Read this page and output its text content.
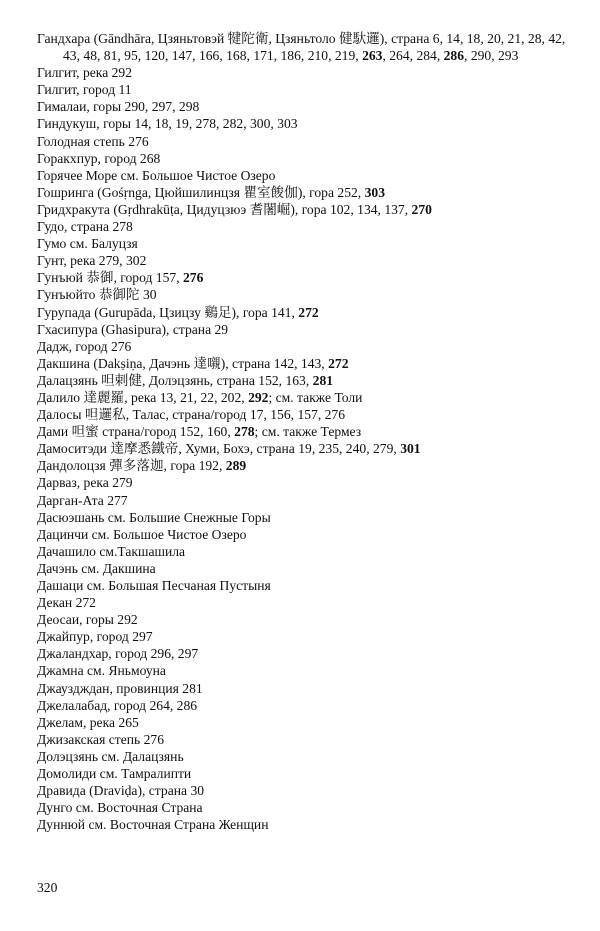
Гандхара (Gāndhāra, Цзяньтовэй 犍陀衛, Цзяньтоло 健馱邏), страна 6, 14, 18, 20, 21, 28, 42, 43, 48, 81, 95, 120, 147, 166, 168, 171, 186, 210, 219, 263, 264, 284, 286, 290, 293
Гилгит, река 292
Гилгит, город 11
Гималаи, горы 290, 297, 298
Гиндукуш, горы 14, 18, 19, 278, 282, 300, 303
Голодная степь 276
Горакхпур, город 268
Горячее Море см. Большое Чистое Озеро
Гошринга (Gośṛnga, Цюйшилинцзя 瞿室餕伽), гора 252, 303
Гридхракута (Gṛdhrakūṭa, Цидуцзюэ 耆闍崛), гора 102, 134, 137, 270
Гудо, страна 278
Гумо см. Балуцзя
Гунт, река 279, 302
Гунъюй 恭御, город 157, 276
Гунъюйто 恭御陀 30
Гурупада (Gurupāda, Цзицзу 鷄足), гора 141, 272
Гхасипура (Ghasipura), страна 29
Дадж, город 276
Дакшина (Dakṣiṇa, Дачэнь 達嚫), страна 142, 143, 272
Далацзянь 呾剌健, Долэцзянь, страна 152, 163, 281
Далило 達麗羅, река 13, 21, 22, 202, 292; см. также Толи
Далосы 呾邏私, Талас, страна/город 17, 156, 157, 276
Дами 呾蜜 страна/город 152, 160, 278; см. также Термез
Дамоситэди 達摩悉鐵帝, Хуми, Бохэ, страна 19, 235, 240, 279, 301
Дандолоцзя 彈多落迦, гора 192, 289
Дарваз, река 279
Дарган-Ата 277
Дасюэшань см. Большие Снежные Горы
Дацинчи см. Большое Чистое Озеро
Дачашило см.Такшашила
Дачэнь см. Дакшина
Дашаци см. Большая Песчаная Пустыня
Декан 272
Деосаи, горы 292
Джайпур, город 297
Джаландхар, город 296, 297
Джамна см. Яньмоуна
Джауздждан, провинция 281
Джелалабад, город 264, 286
Джелам, река 265
Джизакская степь 276
Долэцзянь см. Далацзянь
Домолиди см. Тамралипти
Дравида (Draviḍa), страна 30
Дунго см. Восточная Страна
Дуннюй см. Восточная Страна Женщин
320
